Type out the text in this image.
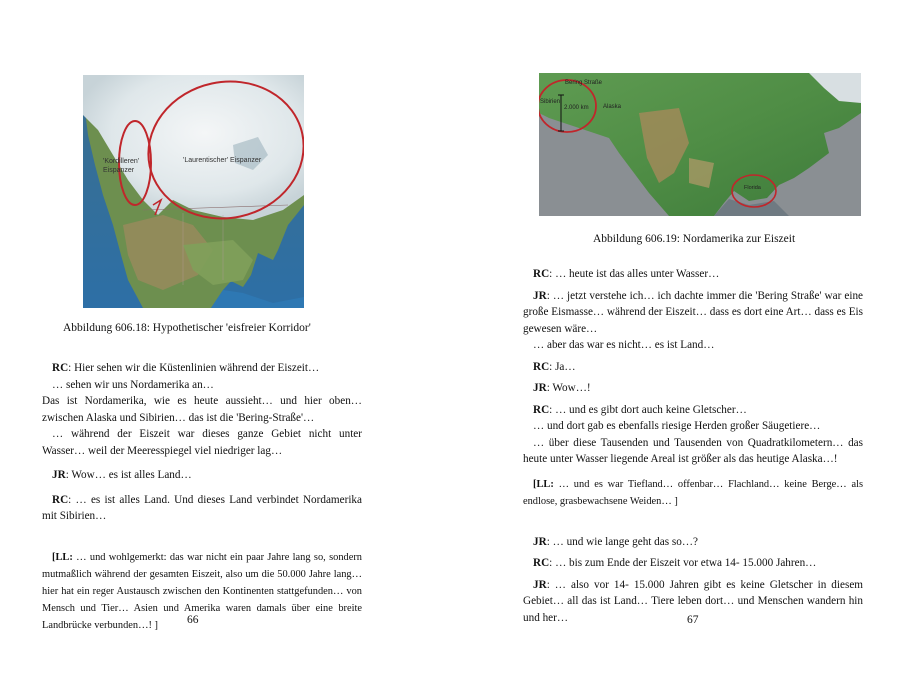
'Kordilleren'
Eispanzer
'Laurentischer' Eispanzer
Abbildung 606.18: Hypothetischer 'eisfreier Korridor'

RC: Hier sehen wir die Küstenlinien während der Eiszeit…

… sehen wir uns Nordamerika an…

Das ist Nordamerika, wie es heute aussieht… und hier oben… zwischen Alaska und Sibirien… das ist die 'Bering-Straße'…

… während der Eiszeit war dieses ganze Gebiet nicht unter Wasser… weil der Meeresspiegel viel niedriger lag…

JR: Wow… es ist alles Land…

RC: … es ist alles Land. Und dieses Land verbindet Nordamerika mit Sibirien…

[LL: … und wohlgemerkt: das war nicht ein paar Jahre lang so, sondern mutmaßlich während der gesamten Eiszeit, also um die 50.000 Jahre lang… hier hat ein reger Austausch zwischen den Kontinenten stattgefunden… von Mensch und Tier… Asien und Amerika waren damals über eine breite Landbrücke verbunden…! ]	66
Bering Straße
Sibirien
Alaska
2.000 km
Florida
Abbildung 606.19: Nordamerika zur Eiszeit

RC: … heute ist das alles unter Wasser…

JR: … jetzt verstehe ich… ich dachte immer die 'Bering Straße' war eine große Eismasse… während der Eiszeit… dass es dort eine Art… dass es Eis gewesen wäre…

… aber das war es nicht… es ist Land…

RC: Ja…

JR: Wow…!

RC: … und es gibt dort auch keine Gletscher…

… und dort gab es ebenfalls riesige Herden großer Säugetiere…

… über diese Tausenden und Tausenden von Quadratkilometern… das heute unter Wasser liegende Areal ist größer als das heutige Alaska…!

[LL: … und es war Tiefland… offenbar… Flachland… keine Berge… als endlose, grasbewachsene Weiden… ]

JR: … und wie lange geht das so…?

RC: … bis zum Ende der Eiszeit vor etwa 14- 15.000 Jahren…

JR: … also vor 14- 15.000 Jahren gibt es keine Gletscher in diesem Gebiet… all das ist Land… Tiere leben dort… und Menschen wandern hin und her…	67
